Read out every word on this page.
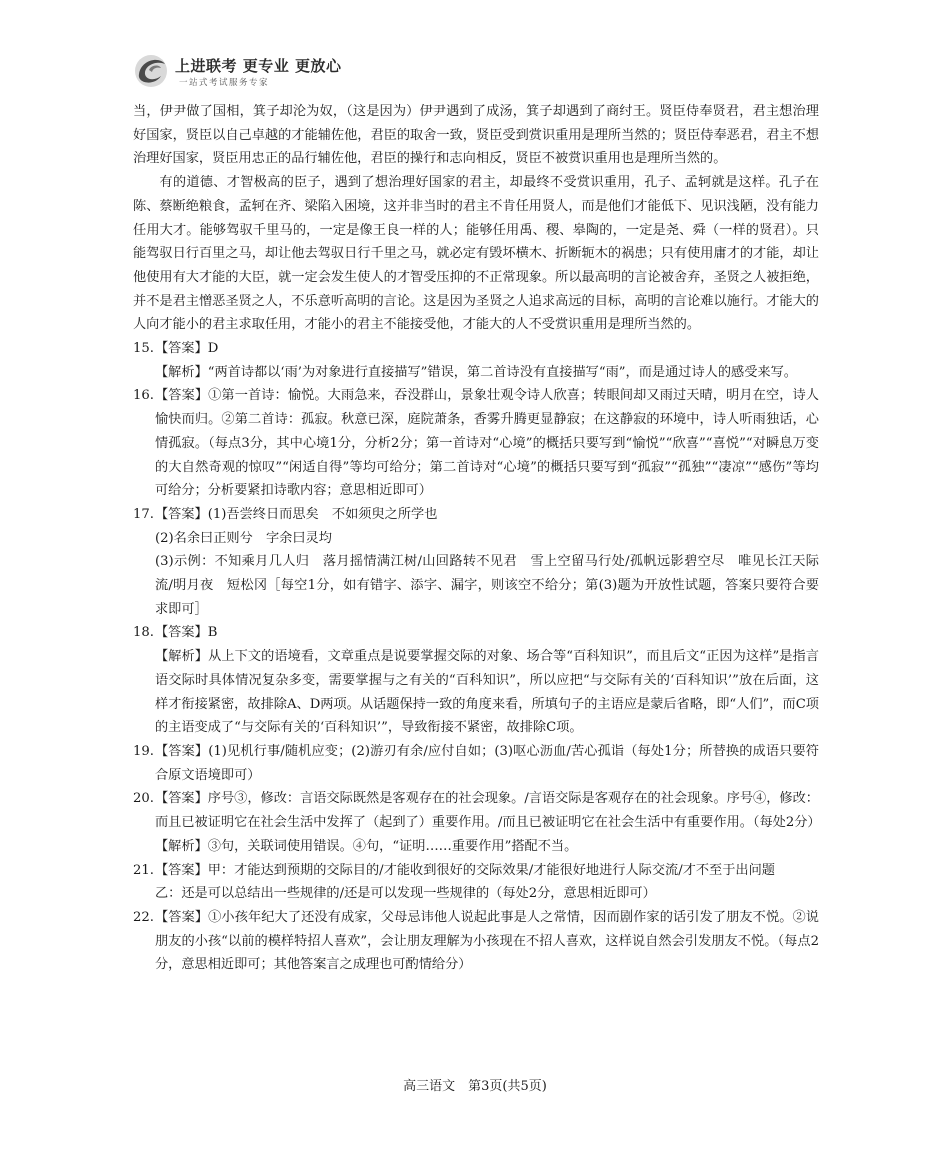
上进联考 更专业 更放心
一站式考试服务专家

当，伊尹做了国相，箕子却沦为奴，（这是因为）伊尹遇到了成汤，箕子却遇到了商纣王。贤臣侍奉贤君，君主想治理好国家，贤臣以自己卓越的才能辅佐他，君臣的取舍一致，贤臣受到赏识重用是理所当然的；贤臣侍奉恶君，君主不想治理好国家，贤臣用忠正的品行辅佐他，君臣的操行和志向相反，贤臣不被赏识重用也是理所当然的。

有的道德、才智极高的臣子，遇到了想治理好国家的君主，却最终不受赏识重用，孔子、孟轲就是这样。孔子在陈、蔡断绝粮食，孟轲在齐、梁陷入困境，这并非当时的君主不肯任用贤人，而是他们才能低下、见识浅陋，没有能力任用大才。能够驾驭千里马的，一定是像王良一样的人；能够任用禹、稷、皋陶的，一定是尧、舜（一样的贤君）。只能驾驭日行百里之马，却让他去驾驭日行千里之马，就必定有毁坏横木、折断轭木的祸患；只有使用庸才的才能，却让他使用有大才能的大臣，就一定会发生使人的才智受压抑的不正常现象。所以最高明的言论被舍弃，圣贤之人被拒绝，并不是君主憎恶圣贤之人，不乐意听高明的言论。这是因为圣贤之人追求高远的目标，高明的言论难以施行。才能大的人向才能小的君主求取任用，才能小的君主不能接受他，才能大的人不受赏识重用是理所当然的。

15. 【答案】D

【解析】“两首诗都以‘雨’为对象进行直接描写”错误，第二首诗没有直接描写“雨”，而是通过诗人的感受来写。

16. 【答案】①第一首诗：愉悦。大雨急来，吞没群山，景象壮观令诗人欣喜；转眼间却又雨过天晴，明月在空，诗人愉快而归。②第二首诗：孤寂。秋意已深，庭院萧条，香雾升腾更显静寂；在这静寂的环境中，诗人听雨独话，心情孤寂。（每点3分，其中心境1分，分析2分；第一首诗对“心境”的概括只要写到“愉悦”“欣喜”“喜悦”“对瞬息万变的大自然奇观的惊叹”“闲适自得”等均可给分；第二首诗对“心境”的概括只要写到“孤寂”“孤独”“凄凉”“感伤”等均可给分；分析要紧扣诗歌内容；意思相近即可）

17. 【答案】(1)吾尝终日而思矣　不如须臾之所学也

(2)名余曰正则兮　字余曰灵均

(3)示例：不知乘月几人归　落月摇情满江树/山回路转不见君　雪上空留马行处/孤帆远影碧空尽　唯见长江天际流/明月夜　短松冈［每空1分，如有错字、添字、漏字，则该空不给分；第(3)题为开放性试题，答案只要符合要求即可］

18. 【答案】B

【解析】从上下文的语境看，文章重点是说要掌握交际的对象、场合等“百科知识”，而且后文“正因为这样”是指言语交际时具体情况复杂多变，需要掌握与之有关的“百科知识”，所以应把“与交际有关的‘百科知识’”放在后面，这样才衔接紧密，故排除A、D两项。从话题保持一致的角度来看，所填句子的主语应是蒙后省略，即“人们”，而C项的主语变成了“与交际有关的‘百科知识’”，导致衔接不紧密，故排除C项。

19. 【答案】(1)见机行事/随机应变；(2)游刃有余/应付自如；(3)呕心沥血/苦心孤诣（每处1分；所替换的成语只要符合原文语境即可）

20. 【答案】序号③，修改：言语交际既然是客观存在的社会现象。/言语交际是客观存在的社会现象。序号④，修改：而且已被证明它在社会生活中发挥了（起到了）重要作用。/而且已被证明它在社会生活中有重要作用。（每处2分）

【解析】③句，关联词使用错误。④句，“证明……重要作用”搭配不当。

21. 【答案】甲：才能达到预期的交际目的/才能收到很好的交际效果/才能很好地进行人际交流/才不至于出问题

乙：还是可以总结出一些规律的/还是可以发现一些规律的（每处2分，意思相近即可）

22. 【答案】①小孩年纪大了还没有成家，父母忌讳他人说起此事是人之常情，因而剧作家的话引发了朋友不悦。②说朋友的小孩“以前的模样特招人喜欢”，会让朋友理解为小孩现在不招人喜欢，这样说自然会引发朋友不悦。（每点2分，意思相近即可；其他答案言之成理也可酌情给分）

高三语文　第3页(共5页)
